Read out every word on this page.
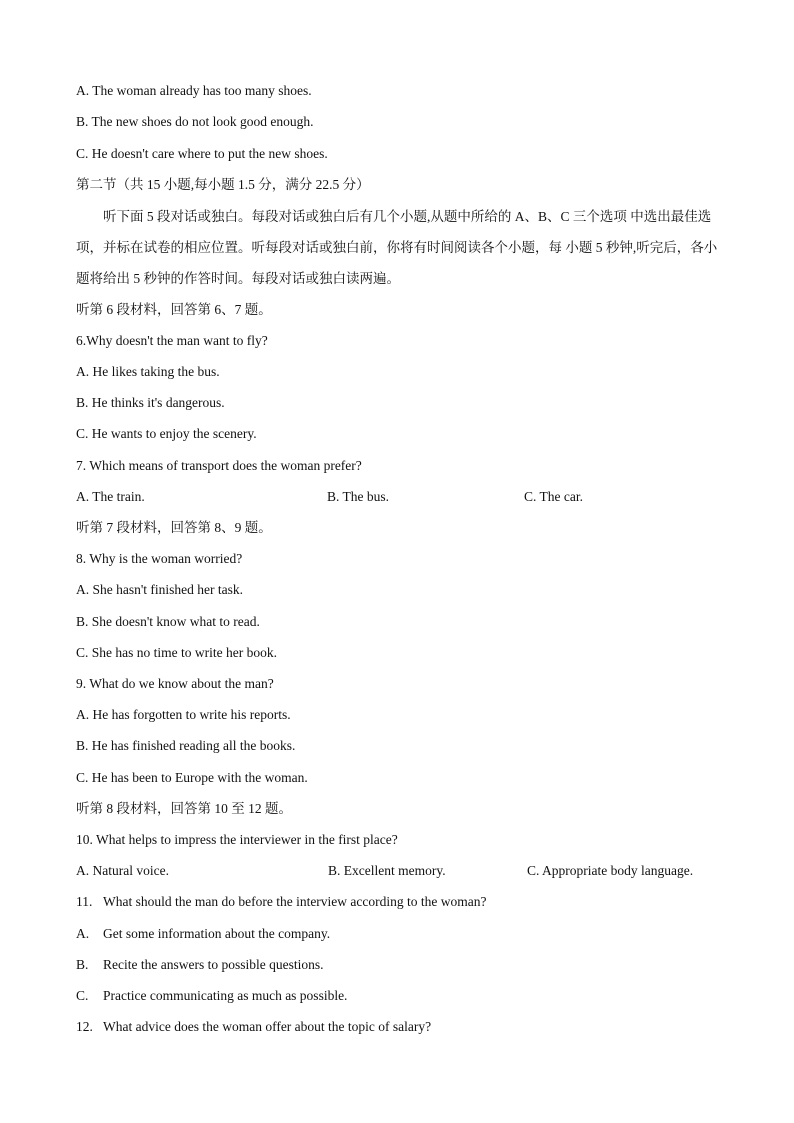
A. The woman already has too many shoes.
B. The new shoes do not look good enough.
C. He doesn't care where to put the new shoes.
第二节（共 15 小题,每小题 1.5 分，满分 22.5 分）
听下面 5 段对话或独白。每段对话或独白后有几个小题,从题中所给的 A、B、C 三个选项 中选出最佳选项，并标在试卷的相应位置。听每段对话或独白前，你将有时间阅读各个小题，每 小题 5 秒钟,听完后，各小题将给出 5 秒钟的作答时间。每段对话或独白读两遍。
听第 6 段材料，回答第 6、7 题。
6.Why doesn't the man want to fly?
A. He likes taking the bus.
B. He thinks it's dangerous.
C. He wants to enjoy the scenery.
7. Which means of transport does the woman prefer?
A. The train.	B. The bus.	C. The car.
听第 7 段材料，回答第 8、9 题。
8. Why is the woman worried?
A. She hasn't finished her task.
B. She doesn't know what to read.
C. She has no time to write her book.
9. What do we know about the man?
A. He has forgotten to write his reports.
B. He has finished reading all the books.
C. He has been to Europe with the woman.
听第 8 段材料，回答第 10 至 12 题。
10. What helps to impress the interviewer in the first place?
A. Natural voice.	B. Excellent memory.	C. Appropriate body language.
11. What should the man do before the interview according to the woman?
A. Get some information about the company.
B. Recite the answers to possible questions.
C. Practice communicating as much as possible.
12. What advice does the woman offer about the topic of salary?
